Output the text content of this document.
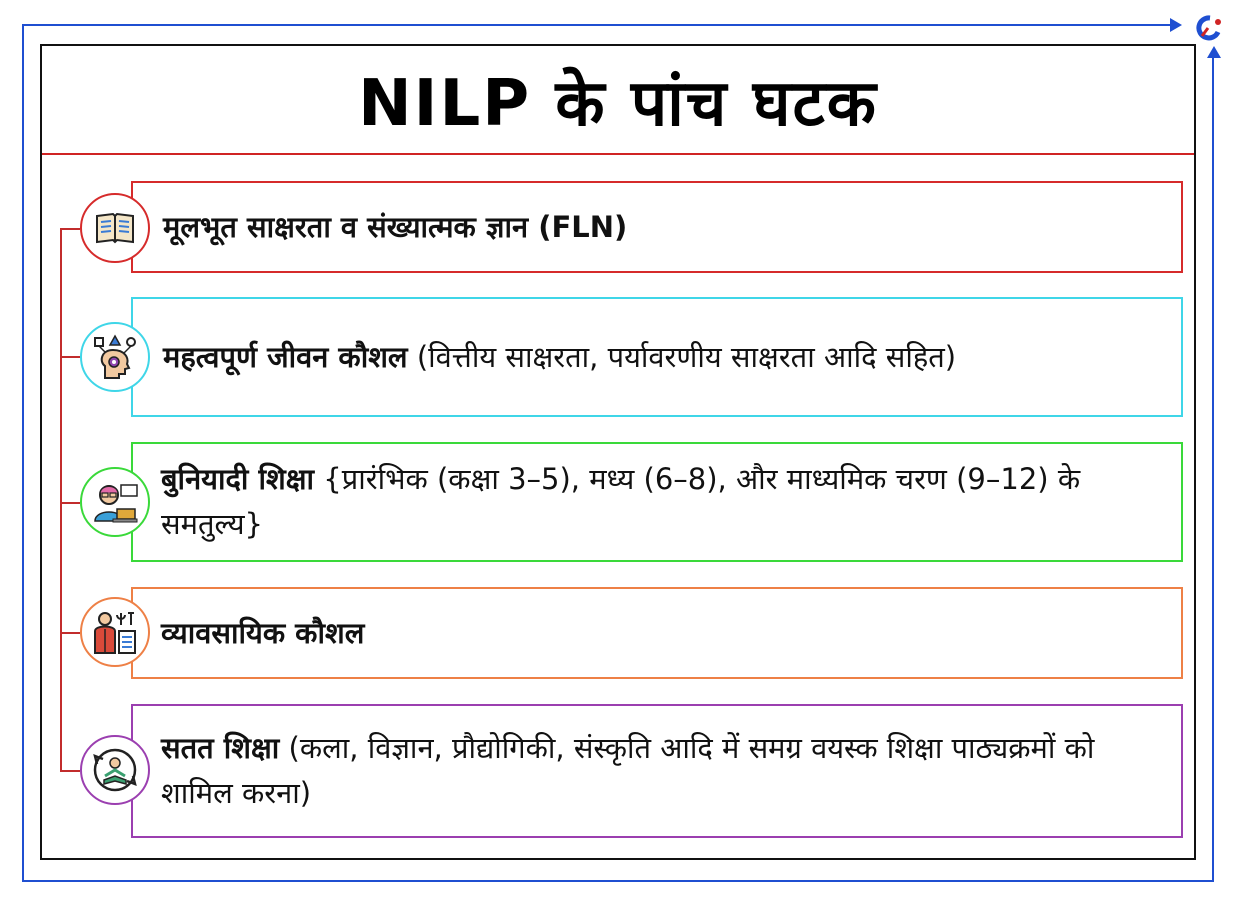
NILP के पांच घटक
मूलभूत साक्षरता व संख्यात्मक ज्ञान (FLN)
महत्वपूर्ण जीवन कौशल (वित्तीय साक्षरता, पर्यावरणीय साक्षरता आदि सहित)
बुनियादी शिक्षा {प्रारंभिक (कक्षा 3–5), मध्य (6–8), और माध्यमिक चरण (9–12) के समतुल्य}
व्यावसायिक कौशल
सतत शिक्षा (कला, विज्ञान, प्रौद्योगिकी, संस्कृति आदि में समग्र वयस्क शिक्षा पाठ्यक्रमों को शामिल करना)
